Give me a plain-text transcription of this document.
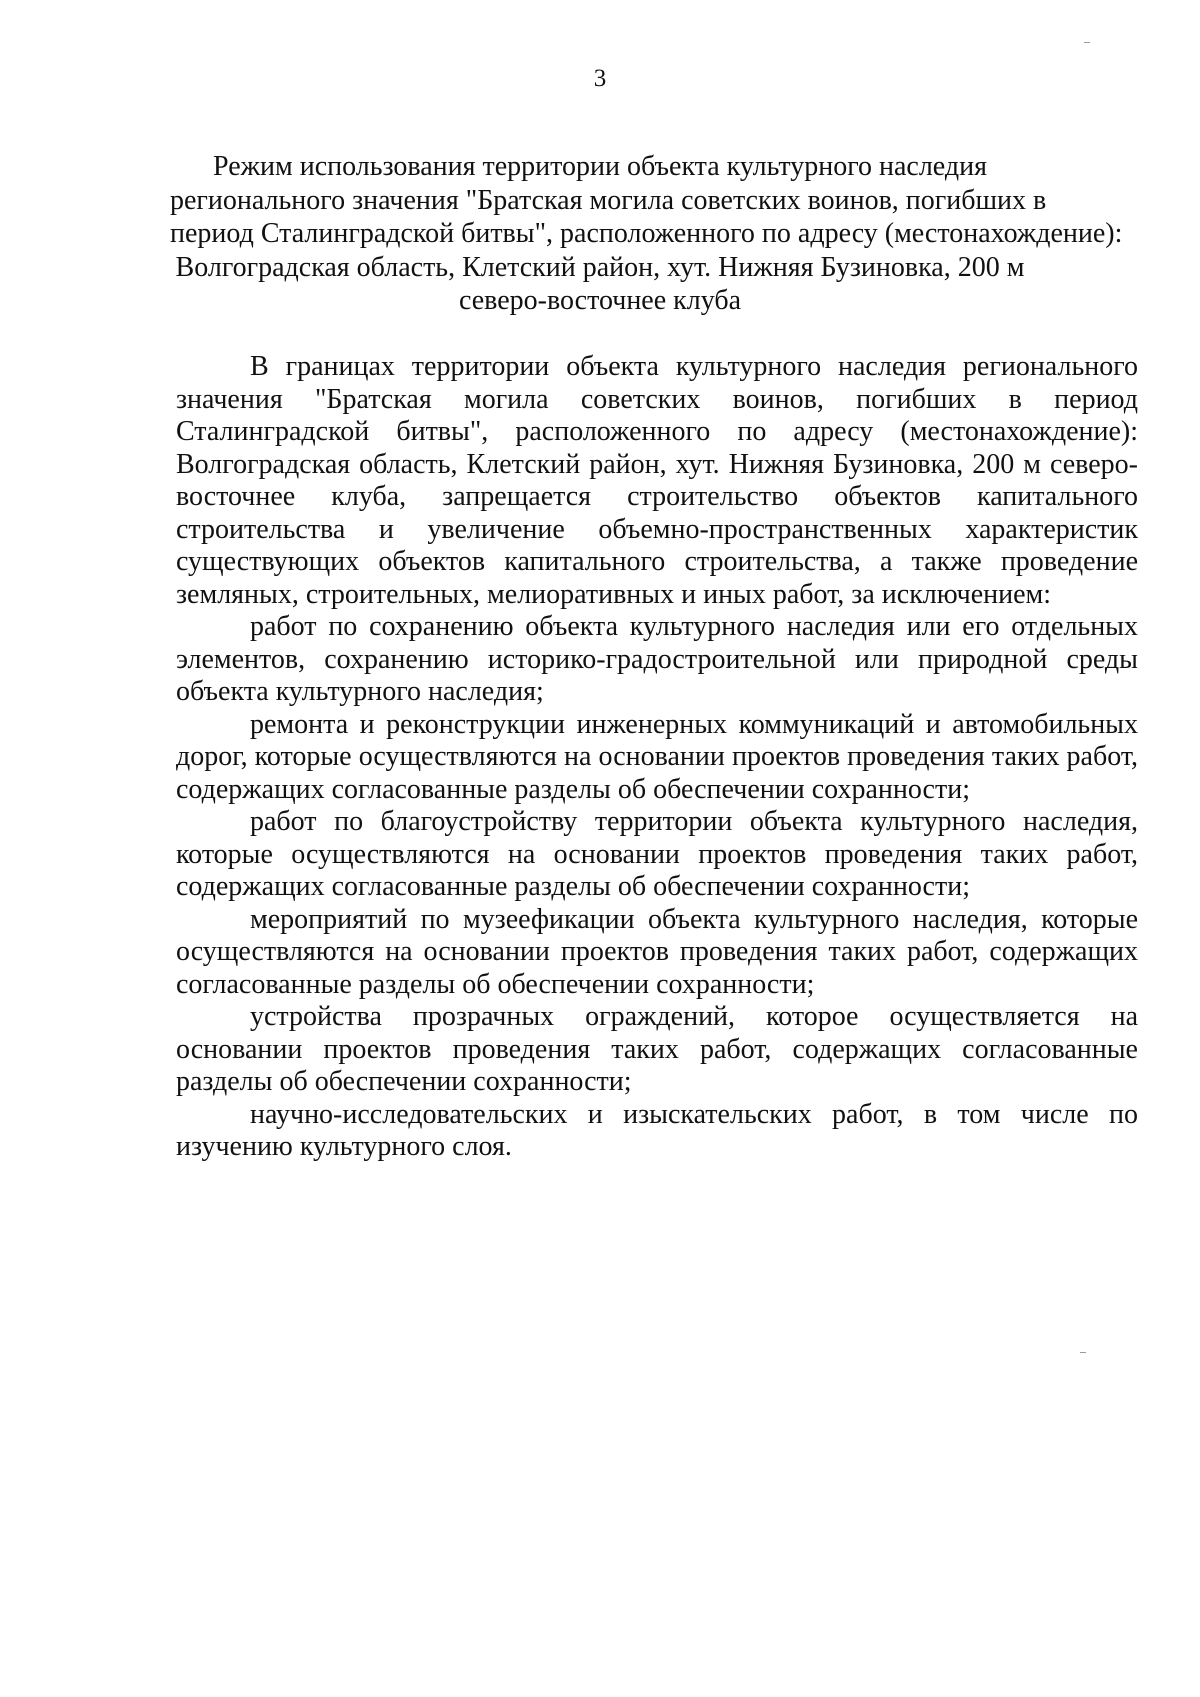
3
Режим использования территории объекта культурного наследия
регионального значения "Братская могила советских воинов, погибших в
период Сталинградской битвы", расположенного по адресу (местонахождение):
Волгоградская область, Клетский район, хут. Нижняя Бузиновка, 200 м
северо-восточнее клуба

В границах территории объекта культурного наследия регионального значения "Братская могила советских воинов, погибших в период Сталинградской битвы", расположенного по адресу (местонахождение): Волгоградская область, Клетский район, хут. Нижняя Бузиновка, 200 м северо-восточнее клуба, запрещается строительство объектов капитального строительства и увеличение объемно-пространственных характеристик существующих объектов капитального строительства, а также проведение земляных, строительных, мелиоративных и иных работ, за исключением:

работ по сохранению объекта культурного наследия или его отдельных элементов, сохранению историко-градостроительной или природной среды объекта культурного наследия;

ремонта и реконструкции инженерных коммуникаций и автомобильных дорог, которые осуществляются на основании проектов проведения таких работ, содержащих согласованные разделы об обеспечении сохранности;

работ по благоустройству территории объекта культурного наследия, которые осуществляются на основании проектов проведения таких работ, содержащих согласованные разделы об обеспечении сохранности;

мероприятий по музеефикации объекта культурного наследия, которые осуществляются на основании проектов проведения таких работ, содержащих согласованные разделы об обеспечении сохранности;

устройства прозрачных ограждений, которое осуществляется на основании проектов проведения таких работ, содержащих согласованные разделы об обеспечении сохранности;

научно-исследовательских и изыскательских работ, в том числе по изучению культурного слоя.
